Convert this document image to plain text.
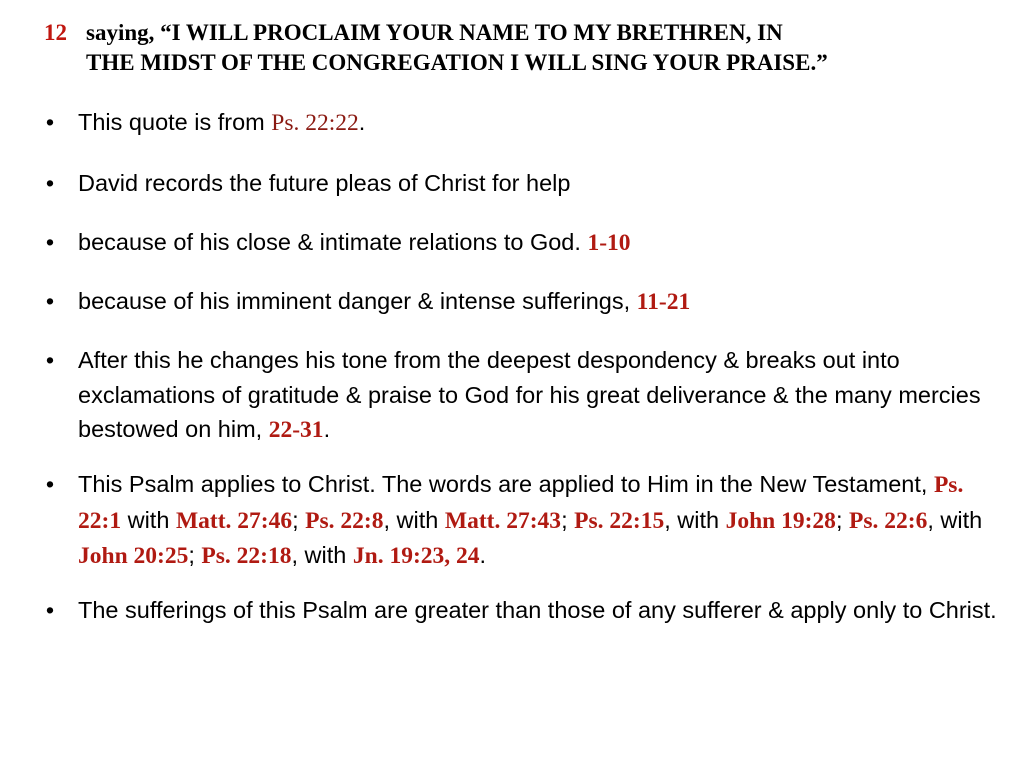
12 saying, “I WILL PROCLAIM YOUR NAME TO MY BRETHREN, IN
THE MIDST OF THE CONGREGATION I WILL SING YOUR PRAISE.”
• This quote is from Ps. 22:22.
• David records the future pleas of Christ for help
• because of his close & intimate relations to God. 1-10
• because of his imminent danger & intense sufferings, 11-21
• After this he changes his tone from the deepest despondency & breaks out into exclamations of gratitude & praise to God for his great deliverance & the many mercies bestowed on him, 22-31.
• This Psalm applies to Christ. The words are applied to Him in the New Testament, Ps. 22:1 with Matt. 27:46; Ps. 22:8, with Matt. 27:43; Ps. 22:15, with John 19:28; Ps. 22:6, with John 20:25; Ps. 22:18, with Jn. 19:23, 24.
• The sufferings of this Psalm are greater than those of any sufferer & apply only to Christ.
